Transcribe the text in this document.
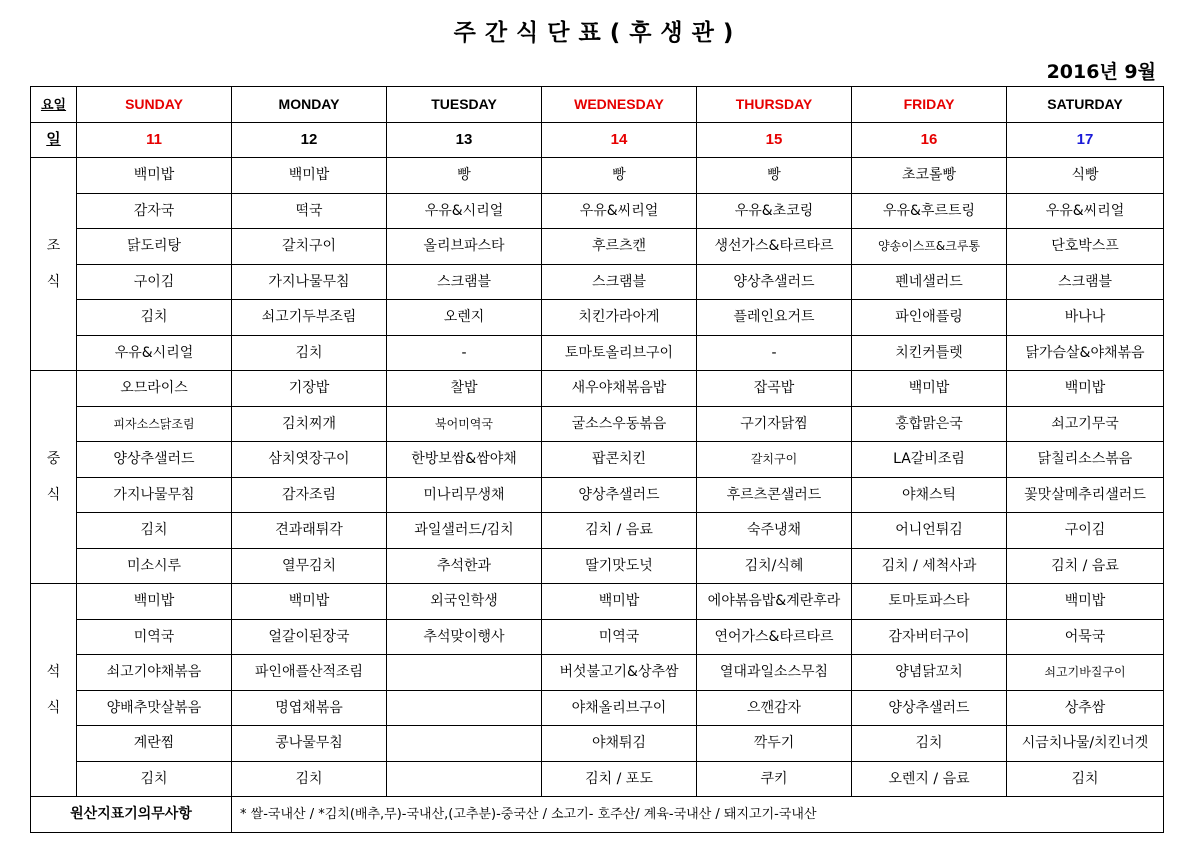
주간식단표(후생관)
2016년 9월
요일	SUNDAY	MONDAY	TUESDAY	WEDNESDAY	THURSDAY	FRIDAY	SATURDAY
일	11	12	13	14	15	16	17

조
식	백미밥	백미밥	빵	빵	빵	초코롤빵	식빵
	감자국	떡국	우유&시리얼	우유&씨리얼	우유&초코링	우유&후르트링	우유&씨리얼
	닭도리탕	갈치구이	올리브파스타	후르츠캔	생선가스&타르타르	양송이스프&크루통	단호박스프
	구이김	가지나물무침	스크램블	스크램블	양상추샐러드	펜네샐러드	스크램블
	김치	쇠고기두부조림	오렌지	치킨가라아게	플레인요거트	파인애플링	바나나
	우유&시리얼	김치	-	토마토올리브구이	-	치킨커틀렛	닭가슴살&야채볶음

중
식	오므라이스	기장밥	찰밥	새우야채볶음밥	잡곡밥	백미밥	백미밥
	피자소스닭조림	김치찌개	북어미역국	굴소스우동볶음	구기자닭찜	홍합맑은국	쇠고기무국
	양상추샐러드	삼치엿장구이	한방보쌈&쌈야채	팝콘치킨	갈치구이	LA갈비조림	닭칠리소스볶음
	가지나물무침	감자조림	미나리무생채	양상추샐러드	후르츠콘샐러드	야채스틱	꽃맛살메추리샐러드
	김치	견과래튀각	과일샐러드/김치	김치 / 음료	숙주냉채	어니언튀김	구이김
	미소시루	열무김치	추석한과	딸기맛도넛	김치/식혜	김치 / 세척사과	김치 / 음료

석
식	백미밥	백미밥	외국인학생	백미밥	에야볶음밥&계란후라	토마토파스타	백미밥
	미역국	얼갈이된장국	추석맞이행사	미역국	연어가스&타르타르	감자버터구이	어묵국
	쇠고기야채볶음	파인애플산적조림		버섯불고기&상추쌈	열대과일소스무침	양념닭꼬치	쇠고기바질구이
	양배추맛살볶음	명엽채볶음		야채올리브구이	으깬감자	양상추샐러드	상추쌈
	계란찜	콩나물무침		야채튀김	깍두기	김치	시금치나물/치킨너겟
	김치	김치		김치 / 포도	쿠키	오렌지 / 음료	김치
원산지표기의무사항		* 쌀-국내산 / *김치(배추,무)-국내산,(고추분)-중국산 / 소고기- 호주산/ 계육-국내산 / 돼지고기-국내산					
